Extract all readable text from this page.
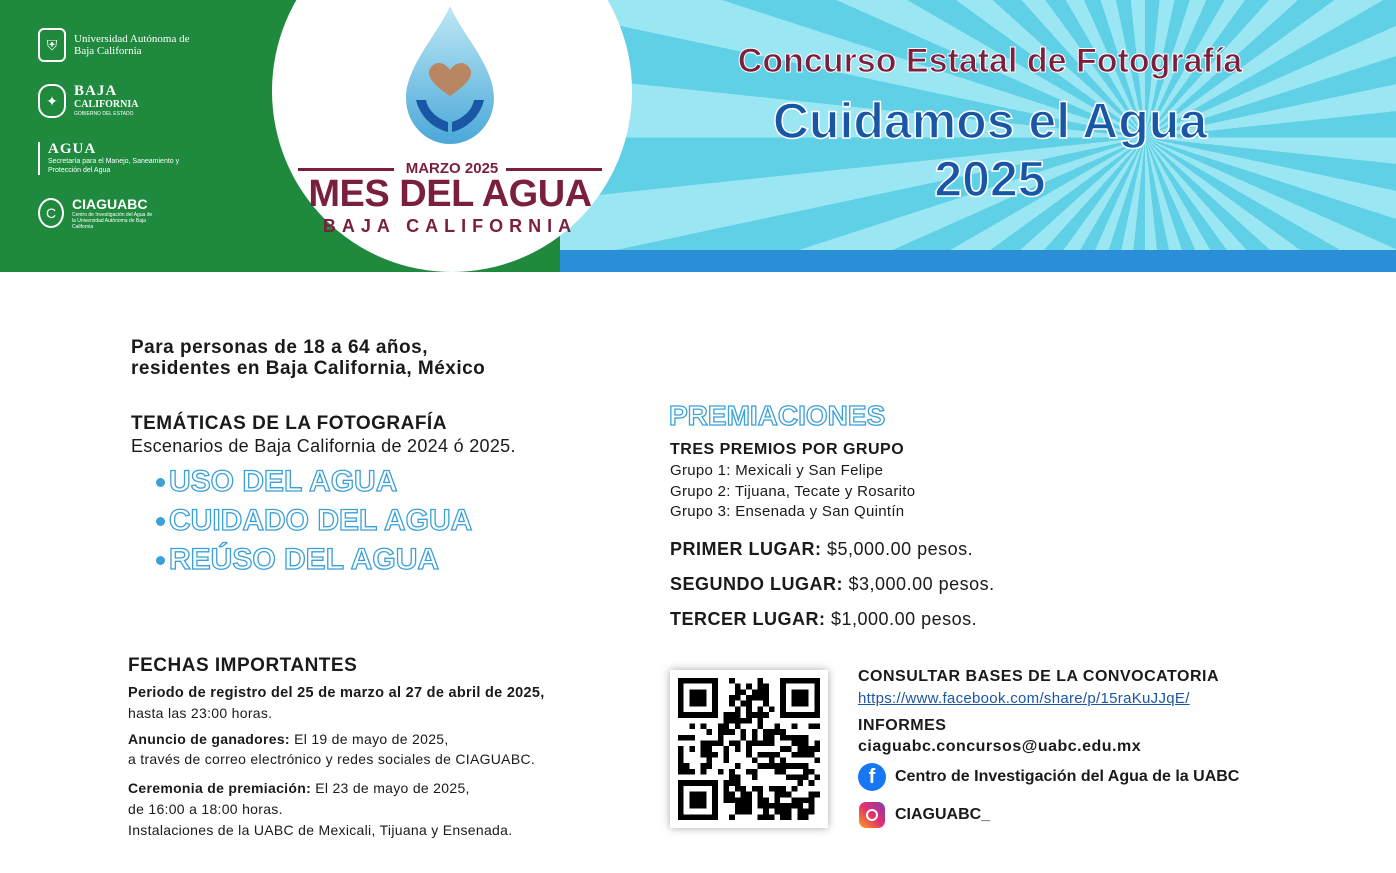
⛨	Universidad Autónoma de Baja California
✦
BAJA
CALIFORNIA
GOBIERNO DEL ESTADO
AGUA
Secretaría para el Manejo, Saneamiento y Protección del Agua
C
CIAGUABC
Centro de Investigación del Agua de la Universidad Autónoma de Baja California
MARZO 2025
MES DEL AGUA
BAJA CALIFORNIA
Concurso Estatal de Fotografía
Cuidamos el Agua
2025
Para personas de 18 a 64 años,
residentes en Baja California, México
TEMÁTICAS DE LA FOTOGRAFÍA
Escenarios de Baja California de 2024 ó 2025.
USO DEL AGUA
CUIDADO DEL AGUA
REÚSO DEL AGUA
PREMIACIONES
TRES PREMIOS POR GRUPO
Grupo 1: Mexicali y San Felipe
Grupo 2: Tijuana, Tecate y Rosarito
Grupo 3: Ensenada y San Quintín
PRIMER LUGAR: $5,000.00 pesos.
SEGUNDO LUGAR: $3,000.00 pesos.
TERCER LUGAR: $1,000.00 pesos.
FECHAS IMPORTANTES
Periodo de registro del 25 de marzo al 27 de abril de 2025,
hasta las 23:00 horas.
Anuncio de ganadores: El 19 de mayo de 2025,
a través de correo electrónico y redes sociales de CIAGUABC.
Ceremonia de premiación: El 23 de mayo de 2025,
de 16:00 a 18:00 horas.
Instalaciones de la UABC de Mexicali, Tijuana y Ensenada.
CONSULTAR BASES DE LA CONVOCATORIA
https://www.facebook.com/share/p/15raKuJJqE/
INFORMES
ciaguabc.concursos@uabc.edu.mx
f	Centro de Investigación del Agua de la UABC
CIAGUABC_
